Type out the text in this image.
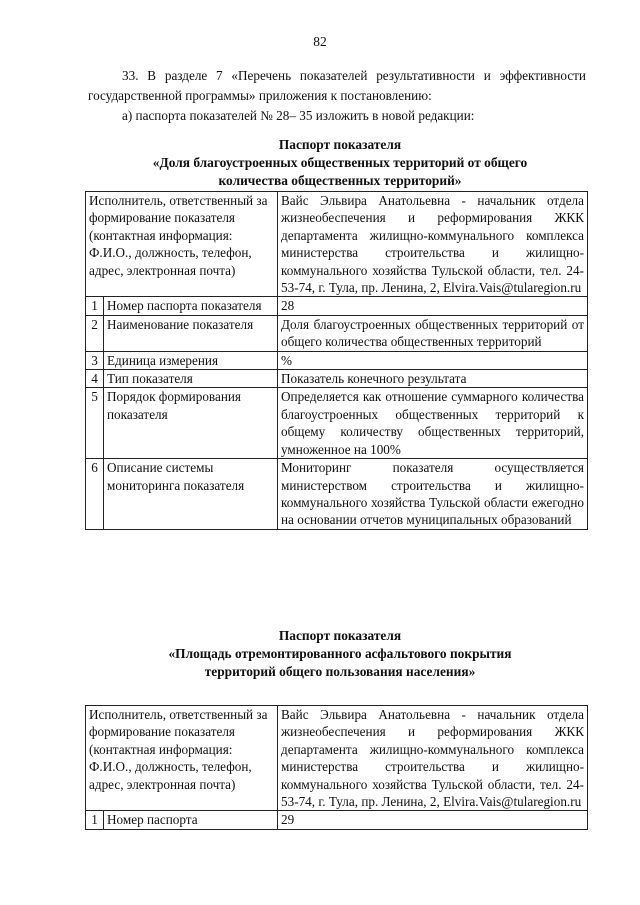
82

33. В разделе 7 «Перечень показателей результативности и эффективности государственной программы» приложения к постановлению:

а) паспорта показателей № 28– 35 изложить в новой редакции:

Паспорт показателя
«Доля благоустроенных общественных территорий от общего
количества общественных территорий»
Исполнитель, ответственный за формирование показателя (контактная информация: Ф.И.О., должность, телефон, адрес, электронная почта)		Вайс Эльвира Анатольевна - начальник отдела жизнеобеспечения и реформирования ЖКК департамента жилищно-коммунального комплекса министерства строительства и жилищно-коммунального хозяйства Тульской области, тел. 24-53-74, г. Тула, пр. Ленина, 2, Elvira.Vais@tularegion.ru
1	Номер паспорта показателя	28
2	Наименование показателя	Доля благоустроенных общественных территорий от общего количества общественных территорий
3	Единица измерения	%
4	Тип показателя	Показатель конечного результата
5	Порядок формирования показателя	Определяется как отношение суммарного количества благоустроенных общественных территорий к общему количеству общественных территорий, умноженное на 100%
6	Описание системы мониторинга показателя	Мониторинг показателя осуществляется министерством строительства и жилищно-коммунального хозяйства Тульской области ежегодно на основании отчетов муниципальных образований
Паспорт показателя
«Площадь отремонтированного асфальтового покрытия
территорий общего пользования населения»
Исполнитель, ответственный за формирование показателя (контактная информация: Ф.И.О., должность, телефон, адрес, электронная почта)		Вайс Эльвира Анатольевна - начальник отдела жизнеобеспечения и реформирования ЖКК департамента жилищно-коммунального комплекса министерства строительства и жилищно-коммунального хозяйства Тульской области, тел. 24-53-74, г. Тула, пр. Ленина, 2, Elvira.Vais@tularegion.ru
1	Номер паспорта	29
